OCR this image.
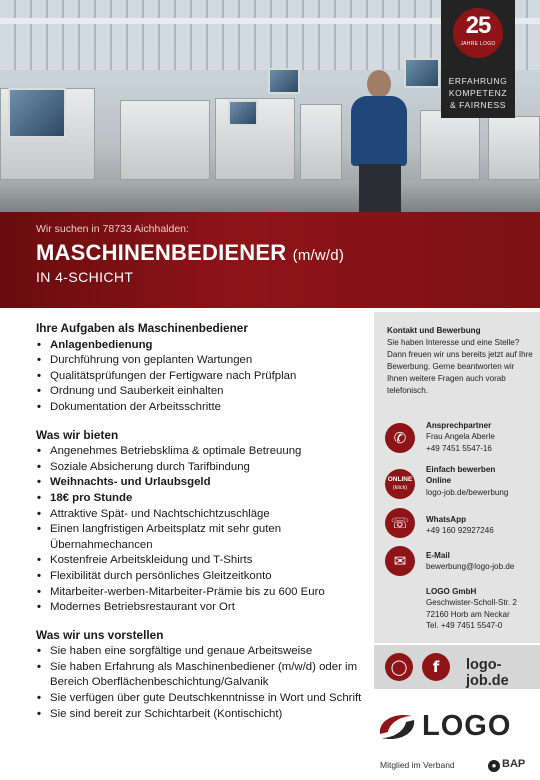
25
JAHRE LOGO
ERFAHRUNG
KOMPETENZ
& FAIRNESS
Wir suchen in 78733 Aichhalden:
MASCHINENBEDIENER (m/w/d)
IN 4-SCHICHT
Ihre Aufgaben als Maschinenbediener
• Anlagenbedienung
• Durchführung von geplanten Wartungen
• Qualitätsprüfungen der Fertigware nach Prüfplan
• Ordnung und Sauberkeit einhalten
• Dokumentation der Arbeitsschritte
Was wir bieten
• Angenehmes Betriebsklima & optimale Betreuung
• Soziale Absicherung durch Tarifbindung
• Weihnachts- und Urlaubsgeld
• 18€ pro Stunde
• Attraktive Spät- und Nachtschichtzuschläge
• Einen langfristigen Arbeitsplatz mit sehr guten Übernahmechancen
• Kostenfreie Arbeitskleidung und T-Shirts
• Flexibilität durch persönliches Gleitzeitkonto
• Mitarbeiter-werben-Mitarbeiter-Prämie bis zu 600 Euro
• Modernes Betriebsrestaurant vor Ort
Was wir uns vorstellen
• Sie haben eine sorgfältige und genaue Arbeitsweise
• Sie haben Erfahrung als Maschinenbediener (m/w/d) oder im Bereich Oberflächenbeschichtung/Galvanik
• Sie verfügen über gute Deutschkenntnisse in Wort und Schrift
• Sie sind bereit zur Schichtarbeit (Kontischicht)
Kontakt und Bewerbung
Sie haben Interesse und eine Stelle? Dann freuen wir uns bereits jetzt auf Ihre Bewerbung. Gerne beantworten wir Ihnen weitere Fragen auch vorab telefonisch.
✆
Ansprechpartner
Frau Angela Aberle
+49 7451 5547-16
ONLINE
(klick)
Einfach bewerben
Online
logo-job.de/bewerbung
☏	WhatsApp
+49 160 92927246
✉	E-Mail
bewerbung@logo-job.de
LOGO GmbH
Geschwister-Scholl-Str. 2
72160 Horb am Neckar
Tel. +49 7451 5547-0
◯	f	logo-job.de
LOGO
Mitglied im Verband	● BAP
